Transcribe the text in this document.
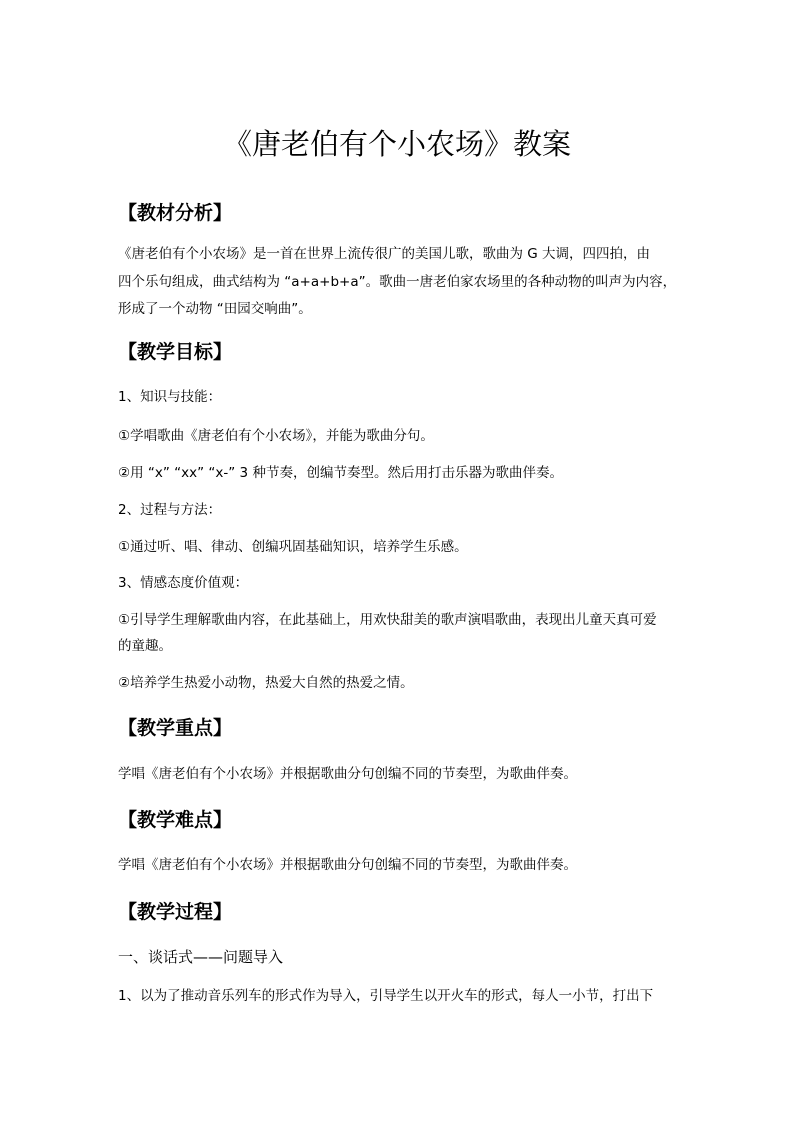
《唐老伯有个小农场》教案
【教材分析】
《唐老伯有个小农场》是一首在世界上流传很广的美国儿歌，歌曲为 G 大调，四四拍，由
四个乐句组成，曲式结构为 “a+a+b+a”。歌曲一唐老伯家农场里的各种动物的叫声为内容，
形成了一个动物 “田园交响曲”。
【教学目标】
1、知识与技能：
①学唱歌曲《唐老伯有个小农场》，并能为歌曲分句。
②用 “x” “xx” “x-” 3 种节奏，创编节奏型。然后用打击乐器为歌曲伴奏。
2、过程与方法：
①通过听、唱、律动、创编巩固基础知识，培养学生乐感。
3、情感态度价值观：
①引导学生理解歌曲内容，在此基础上，用欢快甜美的歌声演唱歌曲，表现出儿童天真可爱
的童趣。
②培养学生热爱小动物，热爱大自然的热爱之情。
【教学重点】
学唱《唐老伯有个小农场》并根据歌曲分句创编不同的节奏型，为歌曲伴奏。
【教学难点】
学唱《唐老伯有个小农场》并根据歌曲分句创编不同的节奏型，为歌曲伴奏。
【教学过程】
一、谈话式——问题导入
1、以为了推动音乐列车的形式作为导入，引导学生以开火车的形式，每人一小节，打出下
